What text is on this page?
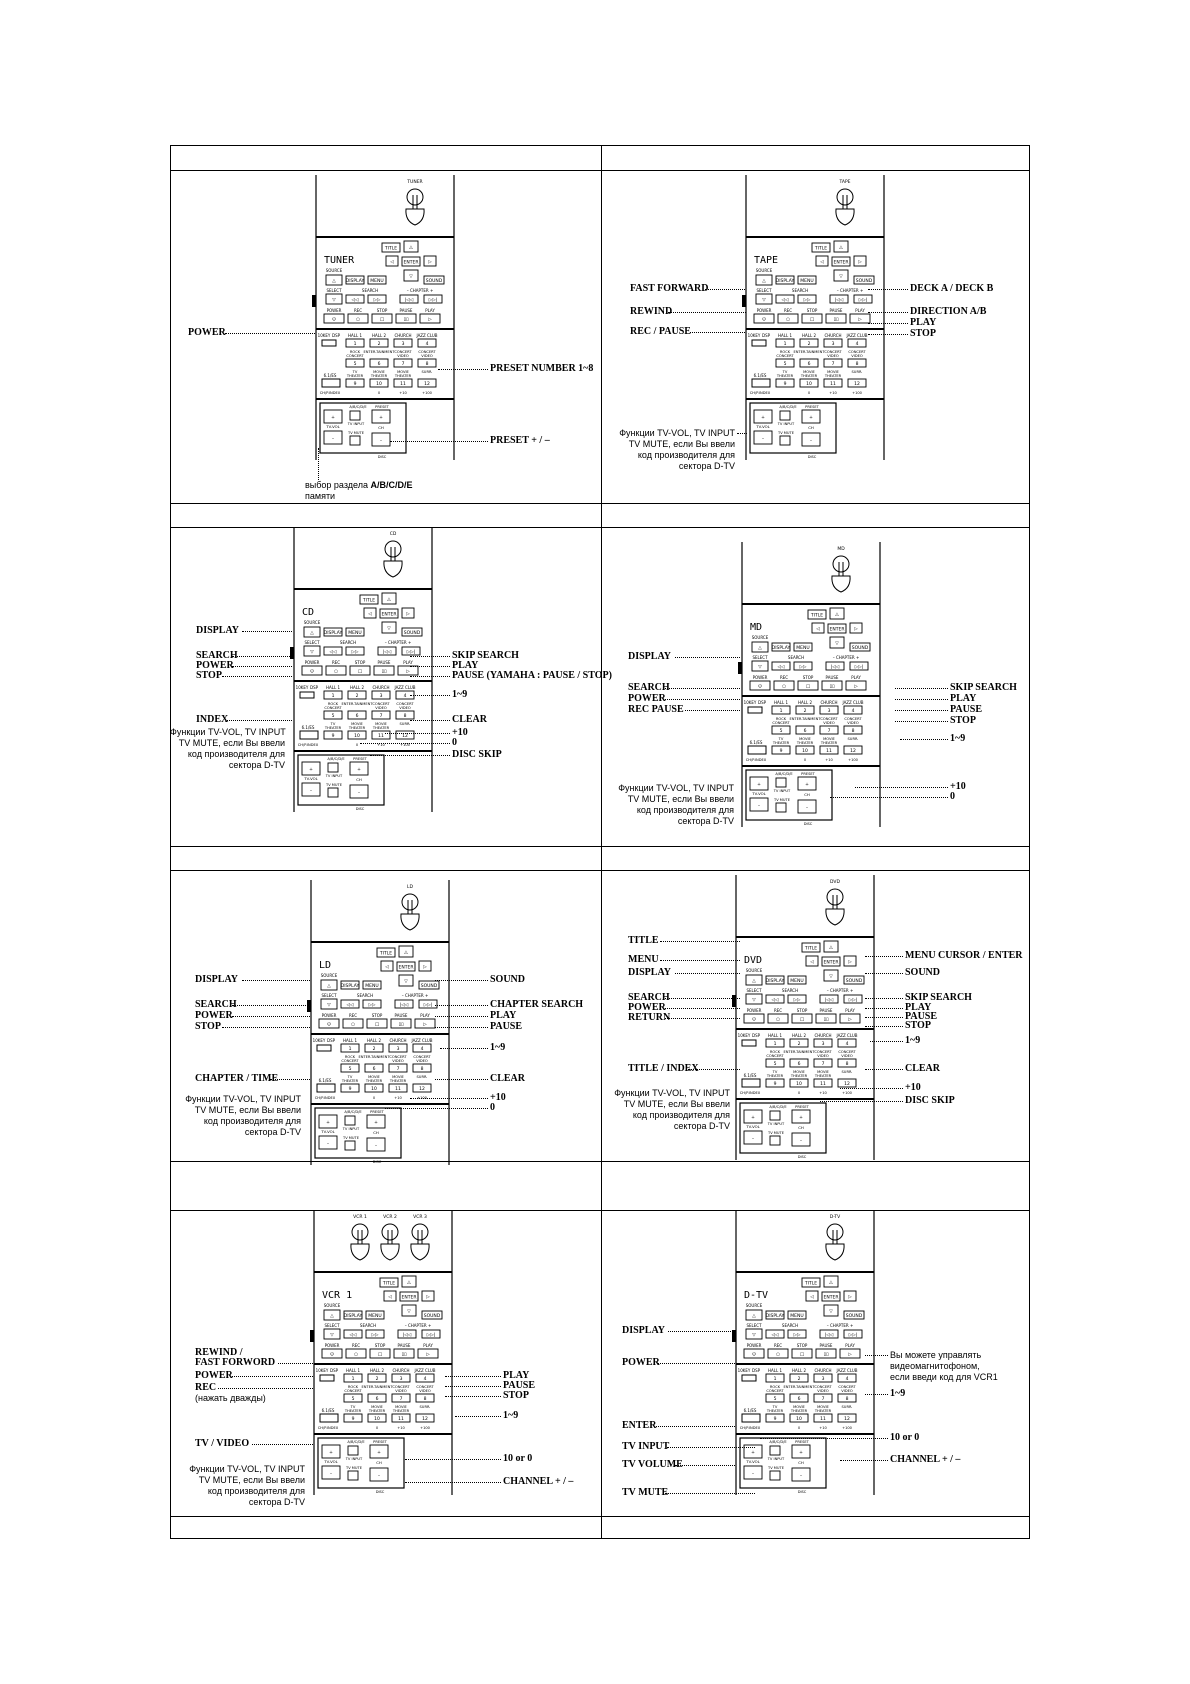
TUNER
TUNER
TITLE	△
◁ ENTER ▷
▽
SOURCE
△ DISPLAY MENU	SOUND
SELECT	SEARCH	– CHAPTER +
▽	◁◁	▷▷	|◁◁	▷▷|
POWER	REC	STOP	PAUSE	PLAY
⏻	○	□	▯▯	▷
10KEY DSP HALL 1
1
ROCK
CONCERT
5
TV
THEATER
9
HALL 2
2
ENTER-TAINMENT
6
MOVIE
THEATER
10
CHURCH
3
CONCERT
VIDEO
7
MOVIE
THEATER
11
JAZZ CLUB
4
CONCERT
VIDEO
8
SURR.
12
6.1/ES
CH/P.INDEX	0	+10	+100
A/B/C/D/E PRESET
+
–
TV-VOL TV INPUT
+
CH
–
TV MUTE
DISC
POWER
PRESET NUMBER 1~8
PRESET + / –
выбор раздела A/B/C/D/E
памяти
TAPE
TAPE
TITLE	△
◁ ENTER ▷
▽
SOURCE
△ DISPLAY MENU	SOUND
SELECT	SEARCH	– CHAPTER +
▽	◁◁	▷▷	|◁◁	▷▷|
POWER	REC	STOP	PAUSE	PLAY
⏻	○	□	▯▯	▷
10KEY DSP HALL 1
1
ROCK
CONCERT
5
TV
THEATER
9
HALL 2
2
ENTER-TAINMENT
6
MOVIE
THEATER
10
CHURCH
3
CONCERT
VIDEO
7
MOVIE
THEATER
11
JAZZ CLUB
4
CONCERT
VIDEO
8
SURR.
12
6.1/ES
CH/P.INDEX	0	+10	+100
A/B/C/D/E PRESET
+
–
TV-VOL TV INPUT
+
CH
–
TV MUTE
DISC
FAST FORWARD
REWIND
REC / PAUSE
DECK A / DECK B
DIRECTION A/B
PLAY
STOP
Функции TV-VOL, TV INPUT
TV MUTE, если Вы ввели
код производителя для
сектора D-TV
CD
CD
TITLE	△
◁ ENTER ▷
▽
SOURCE
△ DISPLAY MENU	SOUND
SELECT	SEARCH	– CHAPTER +
▽	◁◁	▷▷	|◁◁	▷▷|
POWER	REC	STOP	PAUSE	PLAY
⏻	○	□	▯▯	▷
10KEY DSP HALL 1
1
ROCK
CONCERT
5
TV
THEATER
9
HALL 2
2
ENTER-TAINMENT
6
MOVIE
THEATER
10
CHURCH
3
CONCERT
VIDEO
7
MOVIE
THEATER
11
JAZZ CLUB
4
CONCERT
VIDEO
8
SURR.
12
6.1/ES
CH/P.INDEX	0	+10	+100
A/B/C/D/E PRESET
+
–
TV-VOL TV INPUT
+
CH
–
TV MUTE
DISC
DISPLAY
SEARCH
POWER
STOP
INDEX
SKIP SEARCH
PLAY
PAUSE (YAMAHA : PAUSE / STOP)
1~9
CLEAR
+10
0
DISC SKIP
Функции TV-VOL, TV INPUT
TV MUTE, если Вы ввели
код производителя для
сектора D-TV
MD
MD
TITLE	△
◁ ENTER ▷
▽
SOURCE
△ DISPLAY MENU	SOUND
SELECT	SEARCH	– CHAPTER +
▽	◁◁	▷▷	|◁◁	▷▷|
POWER	REC	STOP	PAUSE	PLAY
⏻	○	□	▯▯	▷
10KEY DSP HALL 1
1
ROCK
CONCERT
5
TV
THEATER
9
HALL 2
2
ENTER-TAINMENT
6
MOVIE
THEATER
10
CHURCH
3
CONCERT
VIDEO
7
MOVIE
THEATER
11
JAZZ CLUB
4
CONCERT
VIDEO
8
SURR.
12
6.1/ES
CH/P.INDEX	0	+10	+100
A/B/C/D/E PRESET
+
–
TV-VOL TV INPUT
+
CH
–
TV MUTE
DISC
DISPLAY
SEARCH
POWER
REC PAUSE
SKIP SEARCH
PLAY
PAUSE
STOP
1~9
+10
0
Функции TV-VOL, TV INPUT
TV MUTE, если Вы ввели
код производителя для
сектора D-TV
LD
LD
TITLE	△
◁ ENTER ▷
▽
SOURCE
△ DISPLAY MENU	SOUND
SELECT	SEARCH	– CHAPTER +
▽	◁◁	▷▷	|◁◁	▷▷|
POWER	REC	STOP	PAUSE	PLAY
⏻	○	□	▯▯	▷
10KEY DSP HALL 1
1
ROCK
CONCERT
5
TV
THEATER
9
HALL 2
2
ENTER-TAINMENT
6
MOVIE
THEATER
10
CHURCH
3
CONCERT
VIDEO
7
MOVIE
THEATER
11
JAZZ CLUB
4
CONCERT
VIDEO
8
SURR.
12
6.1/ES
CH/P.INDEX	0	+10	+100
A/B/C/D/E PRESET
+
–
TV-VOL TV INPUT
+
CH
–
TV MUTE
DISC
DISPLAY
SEARCH
POWER
STOP
CHAPTER / TIME
SOUND
CHAPTER SEARCH
PLAY
PAUSE
1~9
CLEAR
+10
0
Функции TV-VOL, TV INPUT
TV MUTE, если Вы ввели
код производителя для
сектора D-TV
DVD
DVD
TITLE	△
◁ ENTER ▷
▽
SOURCE
△ DISPLAY MENU	SOUND
SELECT	SEARCH	– CHAPTER +
▽	◁◁	▷▷	|◁◁	▷▷|
POWER	REC	STOP	PAUSE	PLAY
⏻	○	□	▯▯	▷
10KEY DSP HALL 1
1
ROCK
CONCERT
5
TV
THEATER
9
HALL 2
2
ENTER-TAINMENT
6
MOVIE
THEATER
10
CHURCH
3
CONCERT
VIDEO
7
MOVIE
THEATER
11
JAZZ CLUB
4
CONCERT
VIDEO
8
SURR.
12
6.1/ES
CH/P.INDEX	0	+10	+100
A/B/C/D/E PRESET
+
–
TV-VOL TV INPUT
+
CH
–
TV MUTE
DISC
TITLE
MENU
DISPLAY
SEARCH
POWER
RETURN
TITLE / INDEX
MENU CURSOR / ENTER
SOUND
SKIP SEARCH
PLAY
PAUSE
STOP
1~9
CLEAR
+10
DISC SKIP
Функции TV-VOL, TV INPUT
TV MUTE, если Вы ввели
код производителя для
сектора D-TV
VCR 1	VCR 2	VCR 3
VCR 1
TITLE	△
◁ ENTER ▷
▽
SOURCE
△ DISPLAY MENU	SOUND
SELECT	SEARCH	– CHAPTER +
▽	◁◁	▷▷	|◁◁	▷▷|
POWER	REC	STOP	PAUSE	PLAY
⏻	○	□	▯▯	▷
10KEY DSP HALL 1
1
ROCK
CONCERT
5
TV
THEATER
9
HALL 2
2
ENTER-TAINMENT
6
MOVIE
THEATER
10
CHURCH
3
CONCERT
VIDEO
7
MOVIE
THEATER
11
JAZZ CLUB
4
CONCERT
VIDEO
8
SURR.
12
6.1/ES
CH/P.INDEX	0	+10	+100
A/B/C/D/E PRESET
+
–
TV-VOL TV INPUT
+
CH
–
TV MUTE
DISC
REWIND /
FAST FORWORD
POWER
REC
(нажать дважды)
TV / VIDEO
PLAY
PAUSE
STOP
1~9
10 or 0
CHANNEL + / –
Функции TV-VOL, TV INPUT
TV MUTE, если Вы ввели
код производителя для
сектора D-TV
D-TV
D-TV
TITLE	△
◁ ENTER ▷
▽
SOURCE
△ DISPLAY MENU	SOUND
SELECT	SEARCH	– CHAPTER +
▽	◁◁	▷▷	|◁◁	▷▷|
POWER	REC	STOP	PAUSE	PLAY
⏻	○	□	▯▯	▷
10KEY DSP HALL 1
1
ROCK
CONCERT
5
TV
THEATER
9
HALL 2
2
ENTER-TAINMENT
6
MOVIE
THEATER
10
CHURCH
3
CONCERT
VIDEO
7
MOVIE
THEATER
11
JAZZ CLUB
4
CONCERT
VIDEO
8
SURR.
12
6.1/ES
CH/P.INDEX	0	+10	+100
A/B/C/D/E PRESET
+
–
TV-VOL TV INPUT
+
CH
–
TV MUTE
DISC
DISPLAY
POWER
ENTER
TV INPUT
TV VOLUME
TV MUTE
1~9
10 or 0
CHANNEL + / –
Вы можете управлять
видеомагнитофоном,
если введи код для VCR1
